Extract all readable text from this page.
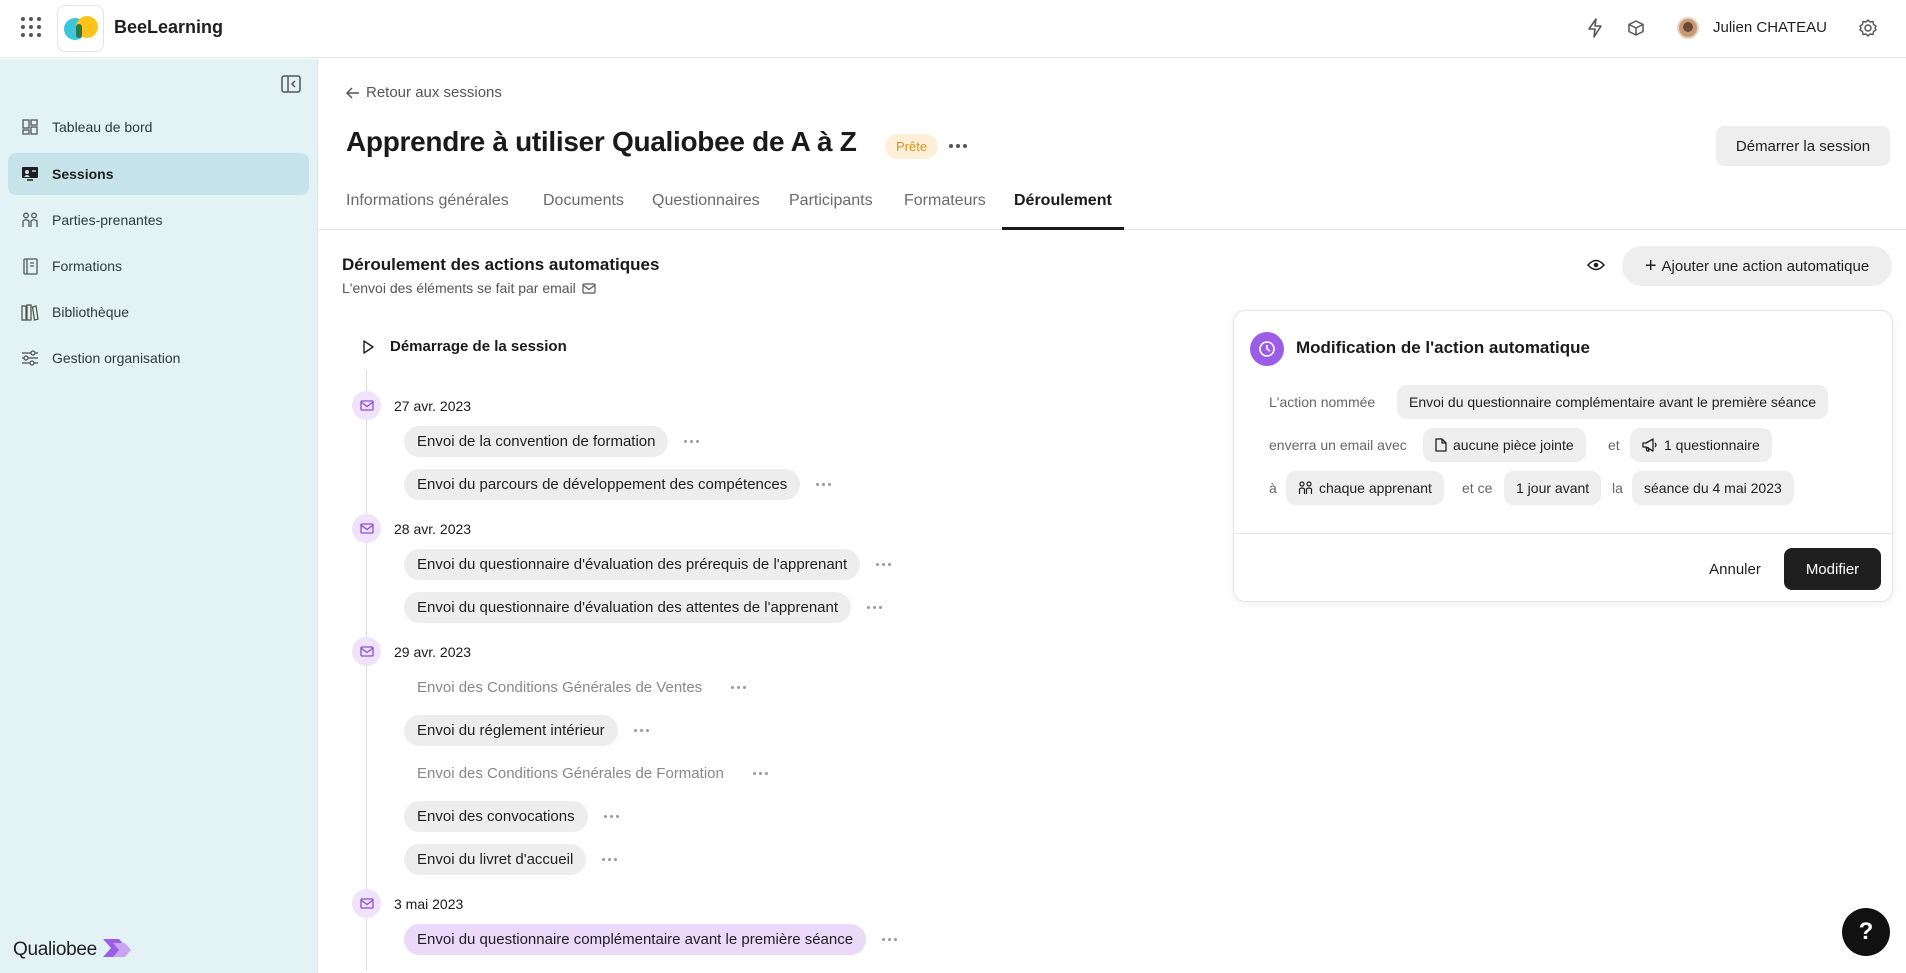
BeeLearning	Julien CHATEAU
Tableau de bord
Sessions
Parties-prenantes
Formations
Bibliothèque
Gestion organisation
Qualiobee
Retour aux sessions
Apprendre à utiliser Qualiobee de A à Z	Prête	Démarrer la session
Informations générales Documents Questionnaires Participants Formateurs	Déroulement
Déroulement des actions automatiques
L'envoi des éléments se fait par email
+ Ajouter une action automatique
Démarrage de la session
27 avr. 2023
Envoi de la convention de formation
Envoi du parcours de développement des compétences
28 avr. 2023
Envoi du questionnaire d'évaluation des prérequis de l'apprenant
Envoi du questionnaire d'évaluation des attentes de l'apprenant
29 avr. 2023
Envoi des Conditions Générales de Ventes
Envoi du réglement intérieur
Envoi des Conditions Générales de Formation
Envoi des convocations
Envoi du livret d'accueil
3 mai 2023
Envoi du questionnaire complémentaire avant le première séance
Modification de l'action automatique
L'action nommée	Envoi du questionnaire complémentaire avant le première séance
enverra un email avec	aucune pièce jointe et	1 questionnaire
à	chaque apprenant et ce	1 jour avant	la	séance du 4 mai 2023
Annuler	Modifier
?
